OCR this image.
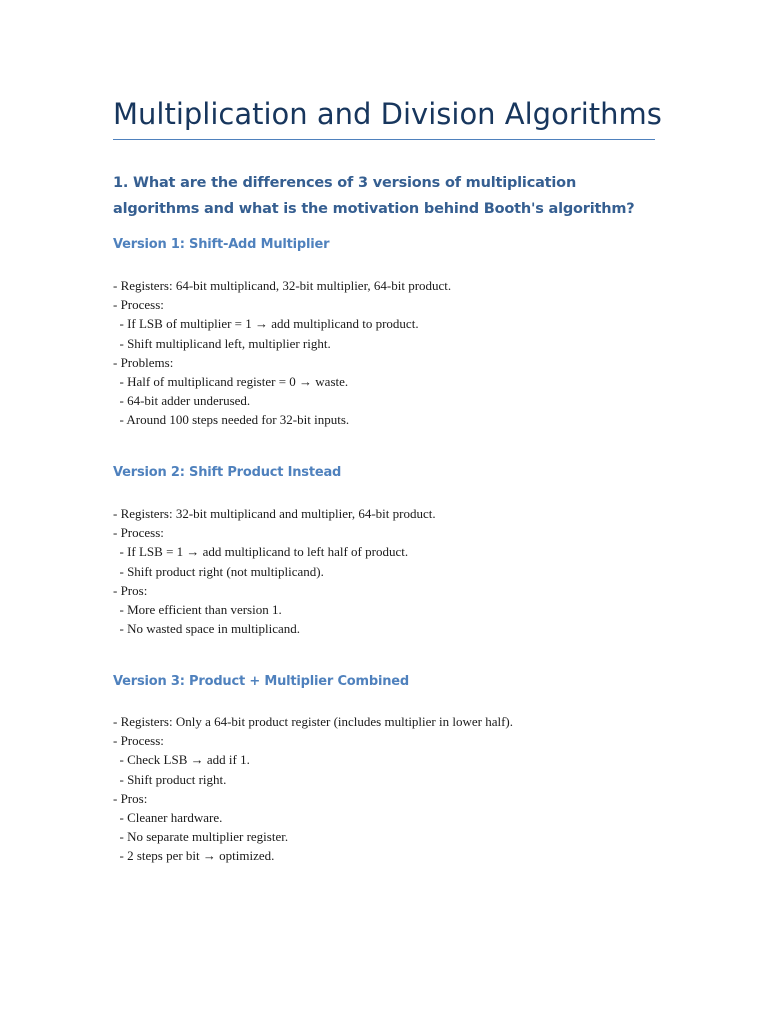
Multiplication and Division Algorithms
1. What are the differences of 3 versions of multiplication algorithms and what is the motivation behind Booth's algorithm?
Version 1: Shift-Add Multiplier
- Registers: 64-bit multiplicand, 32-bit multiplier, 64-bit product.
- Process:
- If LSB of multiplier = 1 → add multiplicand to product.
- Shift multiplicand left, multiplier right.
- Problems:
- Half of multiplicand register = 0 → waste.
- 64-bit adder underused.
- Around 100 steps needed for 32-bit inputs.
Version 2: Shift Product Instead
- Registers: 32-bit multiplicand and multiplier, 64-bit product.
- Process:
- If LSB = 1 → add multiplicand to left half of product.
- Shift product right (not multiplicand).
- Pros:
- More efficient than version 1.
- No wasted space in multiplicand.
Version 3: Product + Multiplier Combined
- Registers: Only a 64-bit product register (includes multiplier in lower half).
- Process:
- Check LSB → add if 1.
- Shift product right.
- Pros:
- Cleaner hardware.
- No separate multiplier register.
- 2 steps per bit → optimized.
